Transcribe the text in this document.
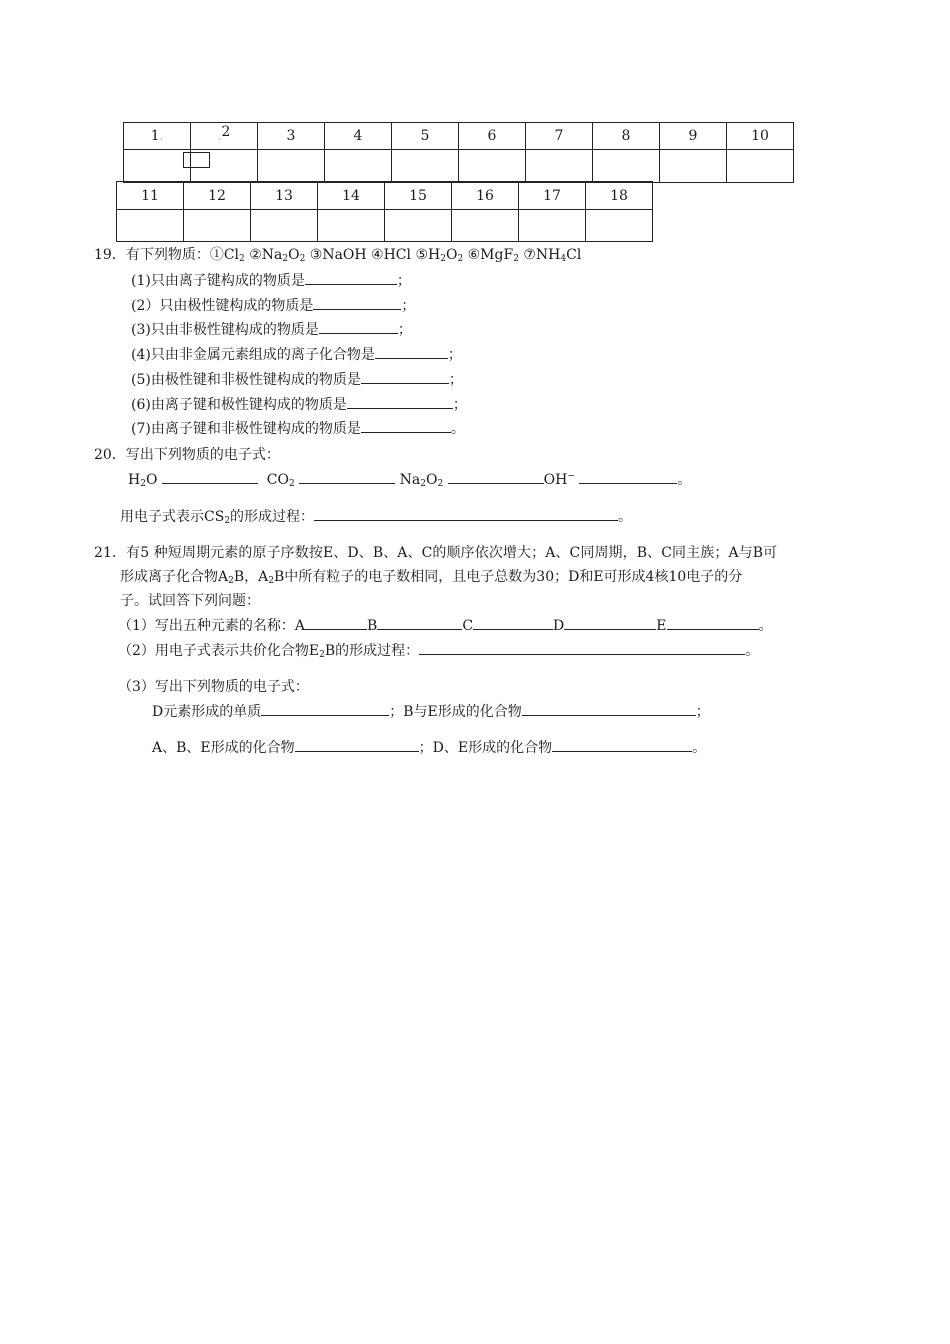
1.	.2	3	4	5	6	7	8	9	10

11	12	13	14	15	16	17	18

19．有下列物质：$①Cl_2$ $②Na_2O_2$ ③NaOH ④HCl $⑤H_2O_2$ ⑥MgF$_2$ $⑦NH_4Cl$
(1)只由离子键构成的物质是	；
(2）只由极性键构成的物质是	；
(3)只由非极性键构成的物质是	；
(4)只由非金属元素组成的离子化合物是	；
(5)由极性键和非极性键构成的物质是	；
(6)由离子键和极性键构成的物质是	；
(7)由离子键和非极性键构成的物质是	。
20．写出下列物质的电子式：
$H_2O$	$CO_2$	$Na_2O_2$	OH−	。
用电子式表示$CS_2$的形成过程：	。
21．有5 种短周期元素的原子序数按E、D、B、A、C的顺序依次增大；A、C同周期，B、C同主族；A与B可
形成离子化合物$A_2B$，$A_2B$中所有粒子的电子数相同，且电子总数为30；D和E可形成4核10电子的分
子。试回答下列问题：
（1）写出五种元素的名称：A	B	C	D	E	。
（2）用电子式表示共价化合物$E_2B$的形成过程：	。
（3）写出下列物质的电子式：
D元素形成的单质	；B与E形成的化合物	；
A、B、E形成的化合物	；D、E形成的化合物	。
